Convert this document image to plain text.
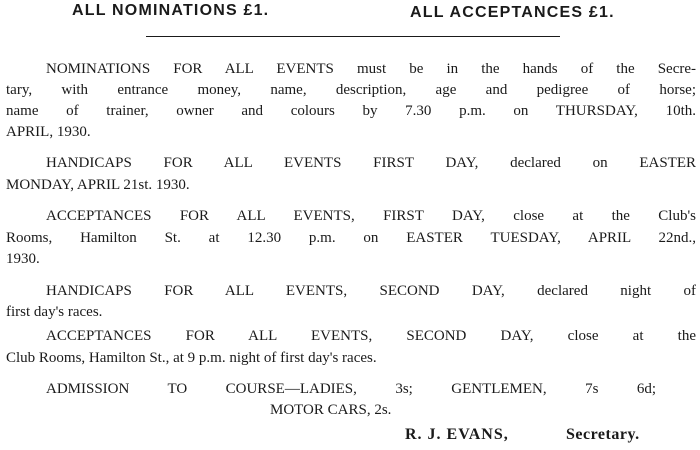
ALL NOMINATIONS £1.	ALL ACCEPTANCES £1.
NOMINATIONS FOR ALL EVENTS must be in the hands of the Secre-
tary, with entrance money, name, description, age and pedigree of horse;
name of trainer, owner and colours by 7.30 p.m. on THURSDAY, 10th.
APRIL, 1930.
HANDICAPS FOR ALL EVENTS FIRST DAY, declared on EASTER
MONDAY, APRIL 21st. 1930.
ACCEPTANCES FOR ALL EVENTS, FIRST DAY, close at the Club's
Rooms, Hamilton St. at 12.30 p.m. on EASTER TUESDAY, APRIL 22nd.,
1930.
HANDICAPS FOR ALL EVENTS, SECOND DAY, declared night of
first day's races.
ACCEPTANCES FOR ALL EVENTS, SECOND DAY, close at the
Club Rooms, Hamilton St., at 9 p.m. night of first day's races.
ADMISSION TO COURSE—LADIES, 3s; GENTLEMEN, 7s 6d;
MOTOR CARS, 2s.
R. J. EVANS,	Secretary.
